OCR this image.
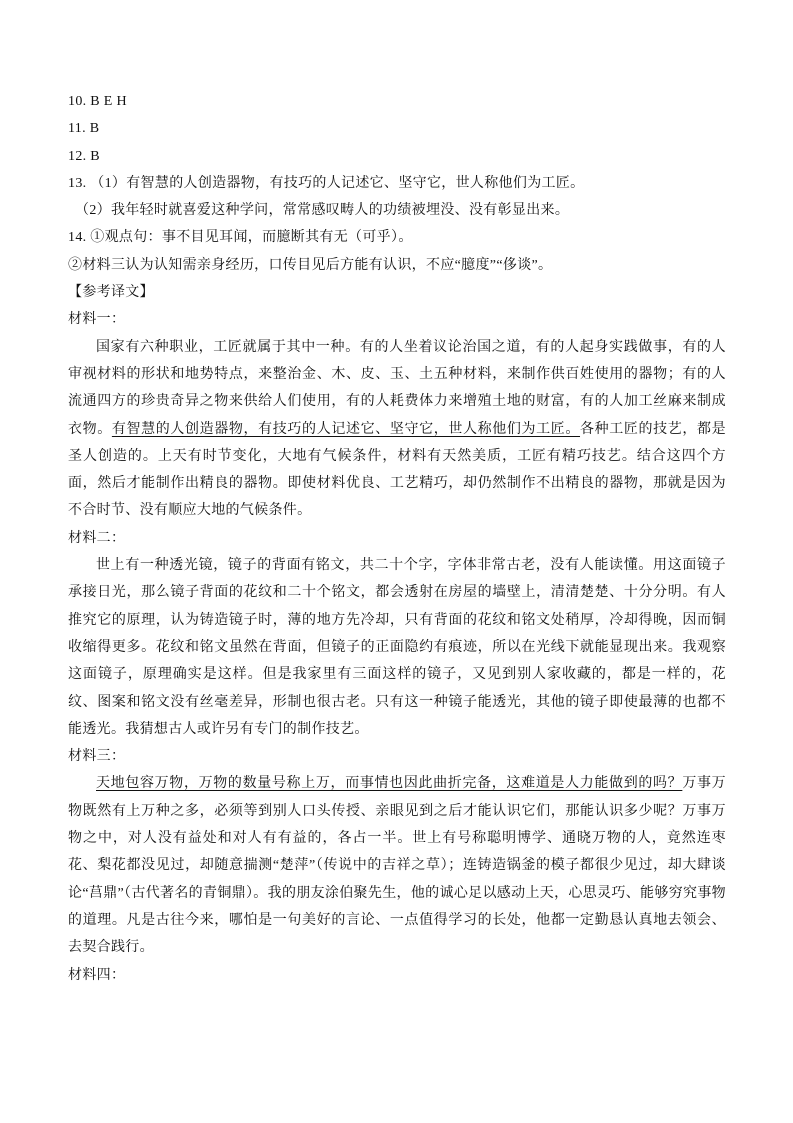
10. B E H

11. B

12. B

13. （1）有智慧的人创造器物，有技巧的人记述它、坚守它，世人称他们为工匠。

（2）我年轻时就喜爱这种学问，常常感叹畴人的功绩被埋没、没有彰显出来。

14. ①观点句：事不目见耳闻，而臆断其有无（可乎）。

②材料三认为认知需亲身经历，口传目见后方能有认识，不应“臆度”“侈谈”。

【参考译文】

材料一：

国家有六种职业，工匠就属于其中一种。有的人坐着议论治国之道，有的人起身实践做事，有的人审视材料的形状和地势特点，来整治金、木、皮、玉、土五种材料，来制作供百姓使用的器物；有的人流通四方的珍贵奇异之物来供给人们使用，有的人耗费体力来增殖土地的财富，有的人加工丝麻来制成衣物。有智慧的人创造器物，有技巧的人记述它、坚守它，世人称他们为工匠。各种工匠的技艺，都是圣人创造的。上天有时节变化，大地有气候条件，材料有天然美质，工匠有精巧技艺。结合这四个方面，然后才能制作出精良的器物。即使材料优良、工艺精巧，却仍然制作不出精良的器物，那就是因为不合时节、没有顺应大地的气候条件。

材料二：

世上有一种透光镜，镜子的背面有铭文，共二十个字，字体非常古老，没有人能读懂。用这面镜子承接日光，那么镜子背面的花纹和二十个铭文，都会透射在房屋的墙壁上，清清楚楚、十分分明。有人推究它的原理，认为铸造镜子时，薄的地方先冷却，只有背面的花纹和铭文处稍厚，冷却得晚，因而铜收缩得更多。花纹和铭文虽然在背面，但镜子的正面隐约有痕迹，所以在光线下就能显现出来。我观察这面镜子，原理确实是这样。但是我家里有三面这样的镜子，又见到别人家收藏的，都是一样的，花纹、图案和铭文没有丝毫差异，形制也很古老。只有这一种镜子能透光，其他的镜子即使最薄的也都不能透光。我猜想古人或许另有专门的制作技艺。

材料三：

天地包容万物，万物的数量号称上万，而事情也因此曲折完备，这难道是人力能做到的吗？万事万物既然有上万种之多，必须等到别人口头传授、亲眼见到之后才能认识它们，那能认识多少呢？万事万物之中，对人没有益处和对人有有益的，各占一半。世上有号称聪明博学、通晓万物的人，竟然连枣花、梨花都没见过，却随意揣测“楚萍”（传说中的吉祥之草）；连铸造锅釜的模子都很少见过，却大肆谈论“莒鼎”（古代著名的青铜鼎）。我的朋友涂伯聚先生，他的诚心足以感动上天，心思灵巧、能够穷究事物的道理。凡是古往今来，哪怕是一句美好的言论、一点值得学习的长处，他都一定勤恳认真地去领会、去契合践行。

材料四：
